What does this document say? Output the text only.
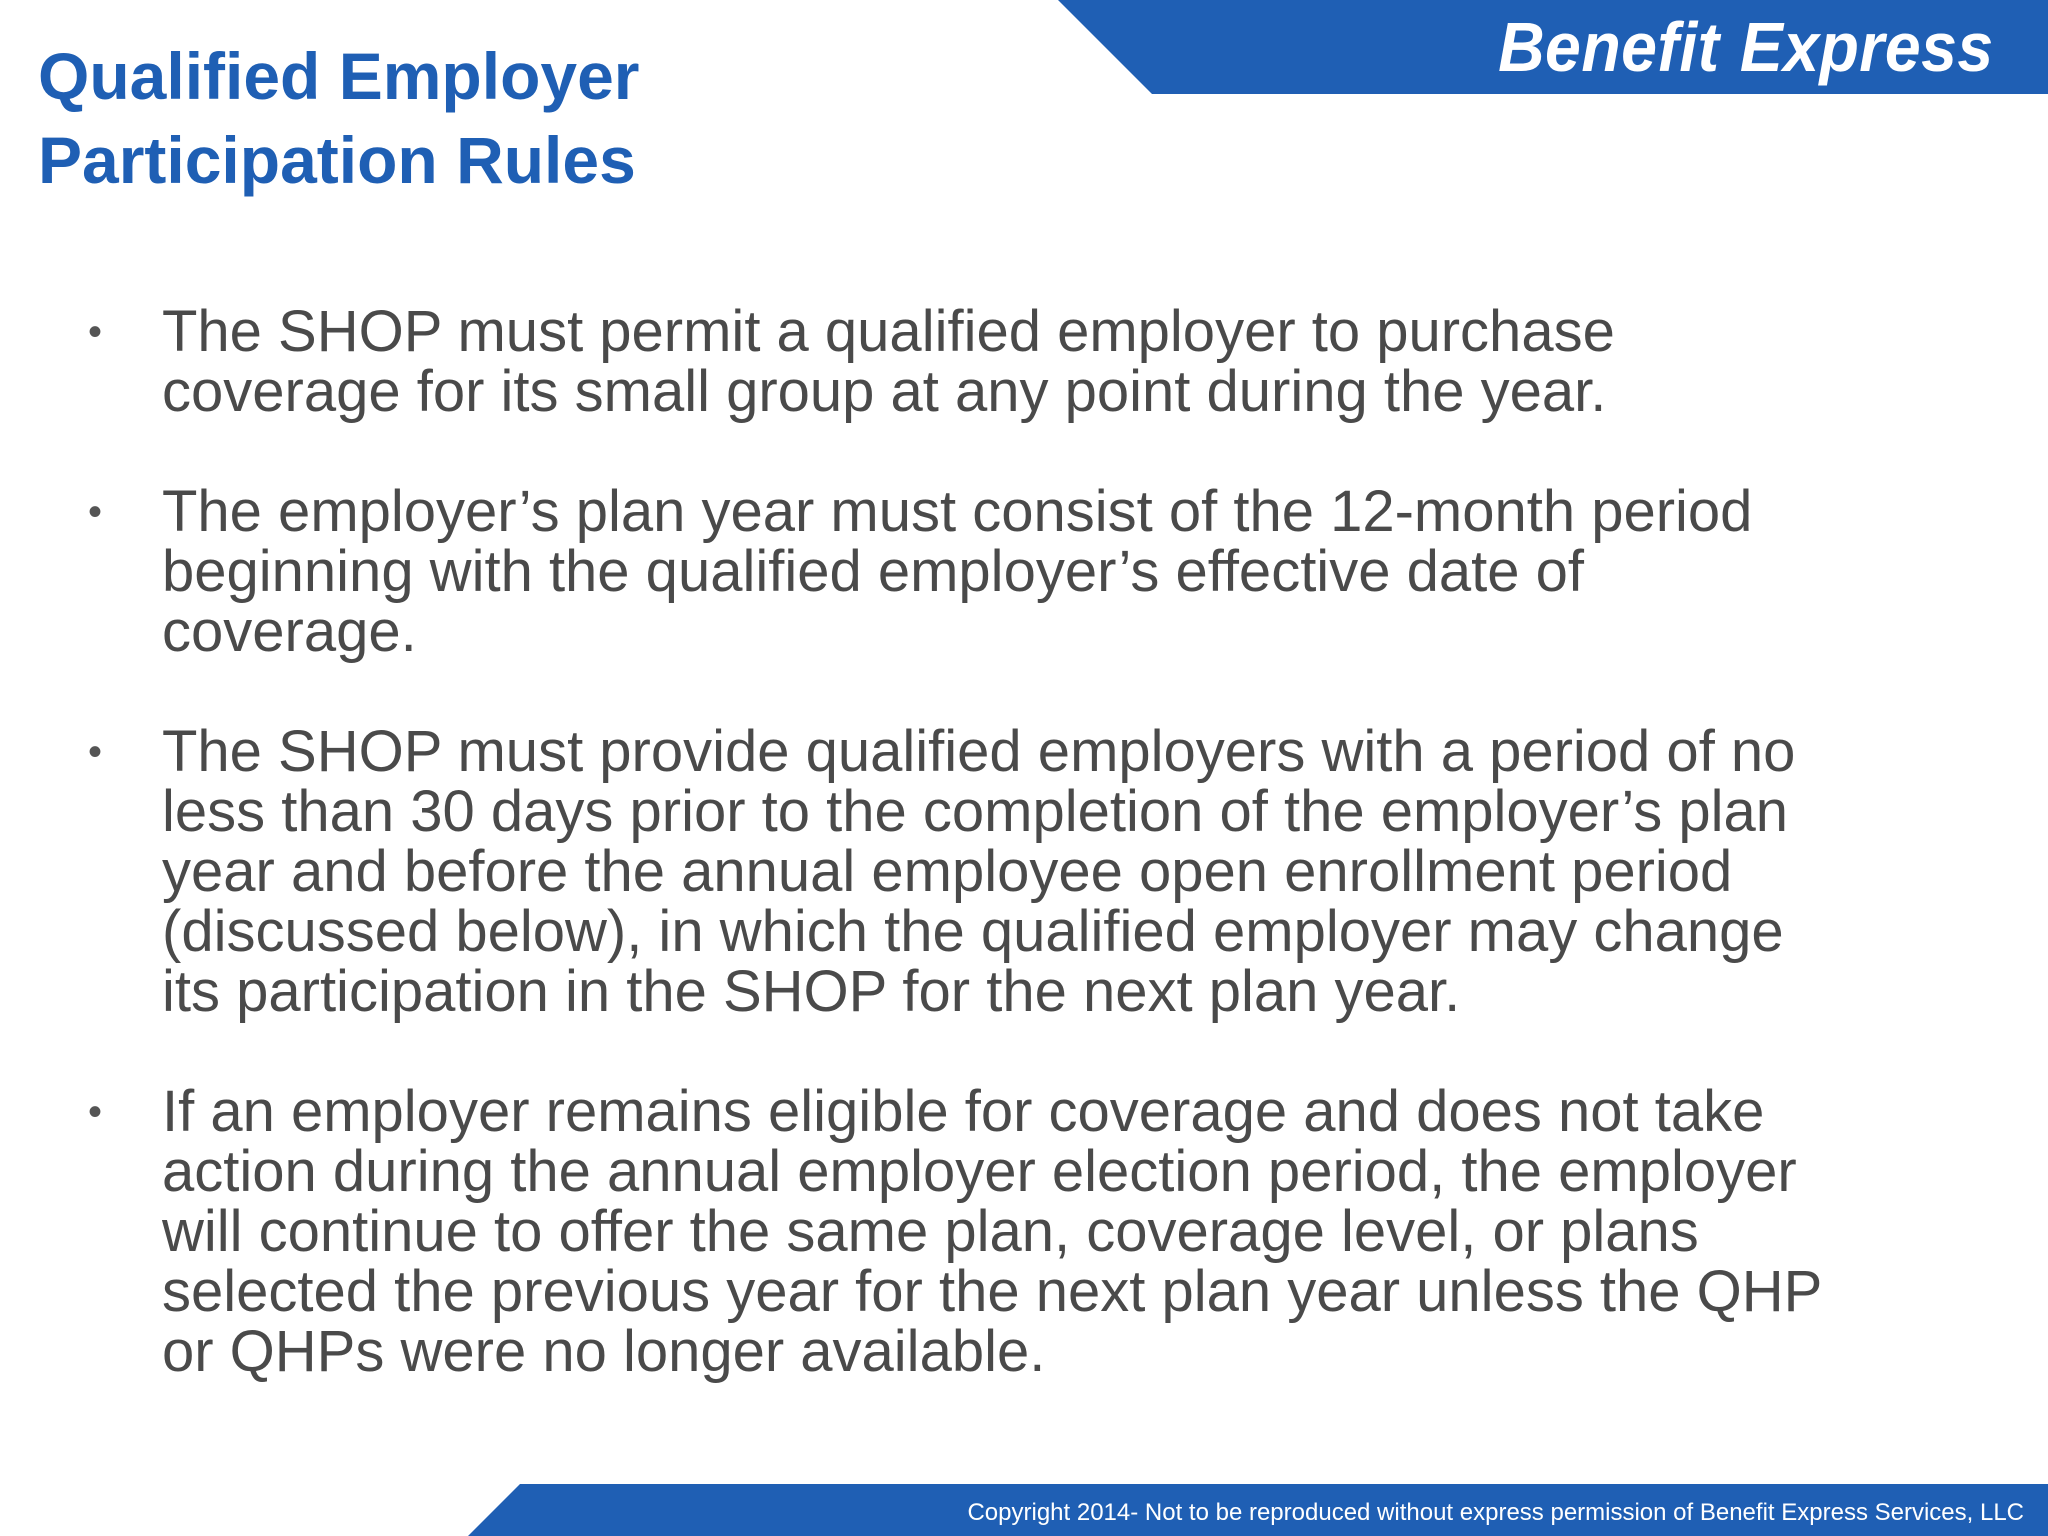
Benefit Express
Qualified Employer
Participation Rules
• The SHOP must permit a qualified employer to purchase
coverage for its small group at any point during the year.
• The employer’s plan year must consist of the 12-month period
beginning with the qualified employer’s effective date of
coverage.
• The SHOP must provide qualified employers with a period of no
less than 30 days prior to the completion of the employer’s plan
year and before the annual employee open enrollment period
(discussed below), in which the qualified employer may change
its participation in the SHOP for the next plan year.
• If an employer remains eligible for coverage and does not take
action during the annual employer election period, the employer
will continue to offer the same plan, coverage level, or plans
selected the previous year for the next plan year unless the QHP
or QHPs were no longer available.
Copyright 2014- Not to be reproduced without express permission of Benefit Express Services, LLC
